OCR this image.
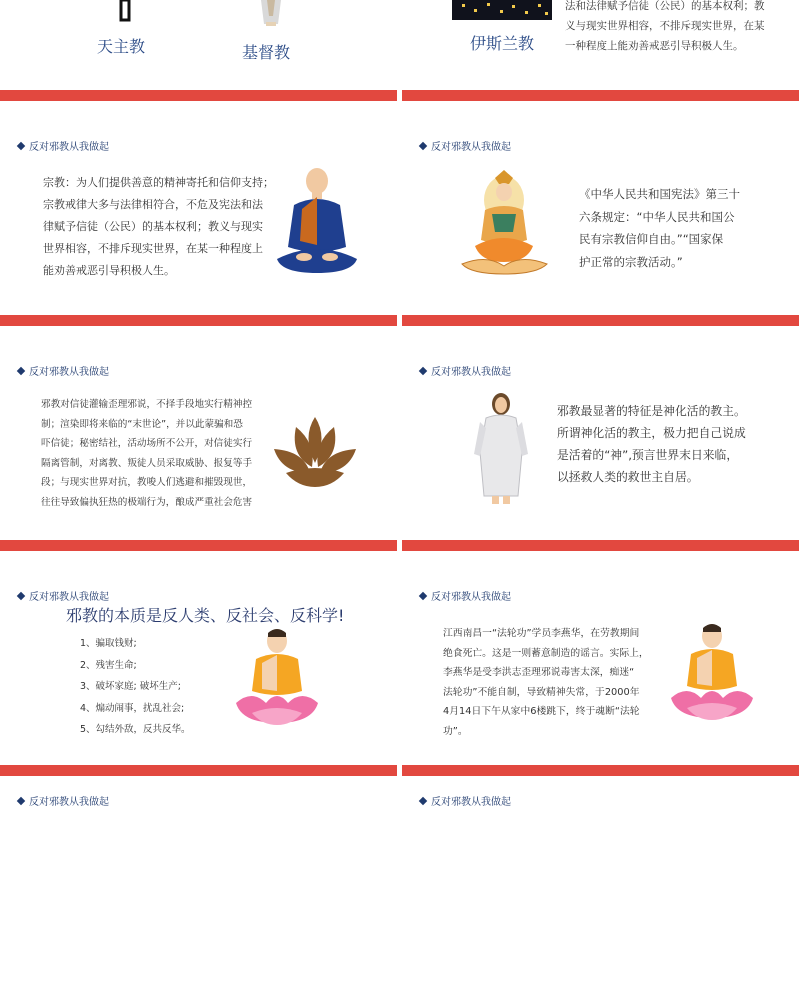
天主教	基督教	伊斯兰教
法和法律赋予信徒（公民）的基本权利；教
义与现实世界相容，不排斥现实世界，在某
一种程度上能劝善戒恶引导积极人生。
反对邪教从我做起
宗教：为人们提供善意的精神寄托和信仰支持；
宗教戒律大多与法律相符合，不危及宪法和法
律赋予信徒（公民）的基本权利；教义与现实
世界相容，不排斥现实世界，在某一种程度上
能劝善戒恶引导积极人生。
反对邪教从我做起
《中华人民共和国宪法》第三十
六条规定：“中华人民共和国公
民有宗教信仰自由。”“国家保
护正常的宗教活动。”
反对邪教从我做起
邪教对信徒灌输歪理邪说，不择手段地实行精神控
制；渲染即将来临的“末世论”，并以此蒙骗和恐
吓信徒；秘密结社，活动场所不公开，对信徒实行
隔离管制，对离教、叛徒人员采取威胁、报复等手
段；与现实世界对抗，教唆人们逃避和摧毁现世，
往往导致偏执狂热的极端行为，酿成严重社会危害
反对邪教从我做起
邪教最显著的特征是神化活的教主。
所谓神化活的教主，极力把自己说成
是活着的“神”,预言世界末日来临，
以拯救人类的救世主自居。
反对邪教从我做起
邪教的本质是反人类、反社会、反科学!
1、骗取钱财;
2、残害生命;
3、破坏家庭; 破坏生产;
4、煽动闹事，扰乱社会;
5、勾结外敌，反共反华。
反对邪教从我做起
江西南昌一“法轮功”学员李燕华，在劳教期间
绝食死亡。这是一则蓄意制造的谣言。实际上，
李燕华是受李洪志歪理邪说毒害太深，痴迷“
法轮功”不能自制，导致精神失常，于2000年
4月14日下午从家中6楼跳下，终于魂断“法轮
功”。
反对邪教从我做起	反对邪教从我做起
